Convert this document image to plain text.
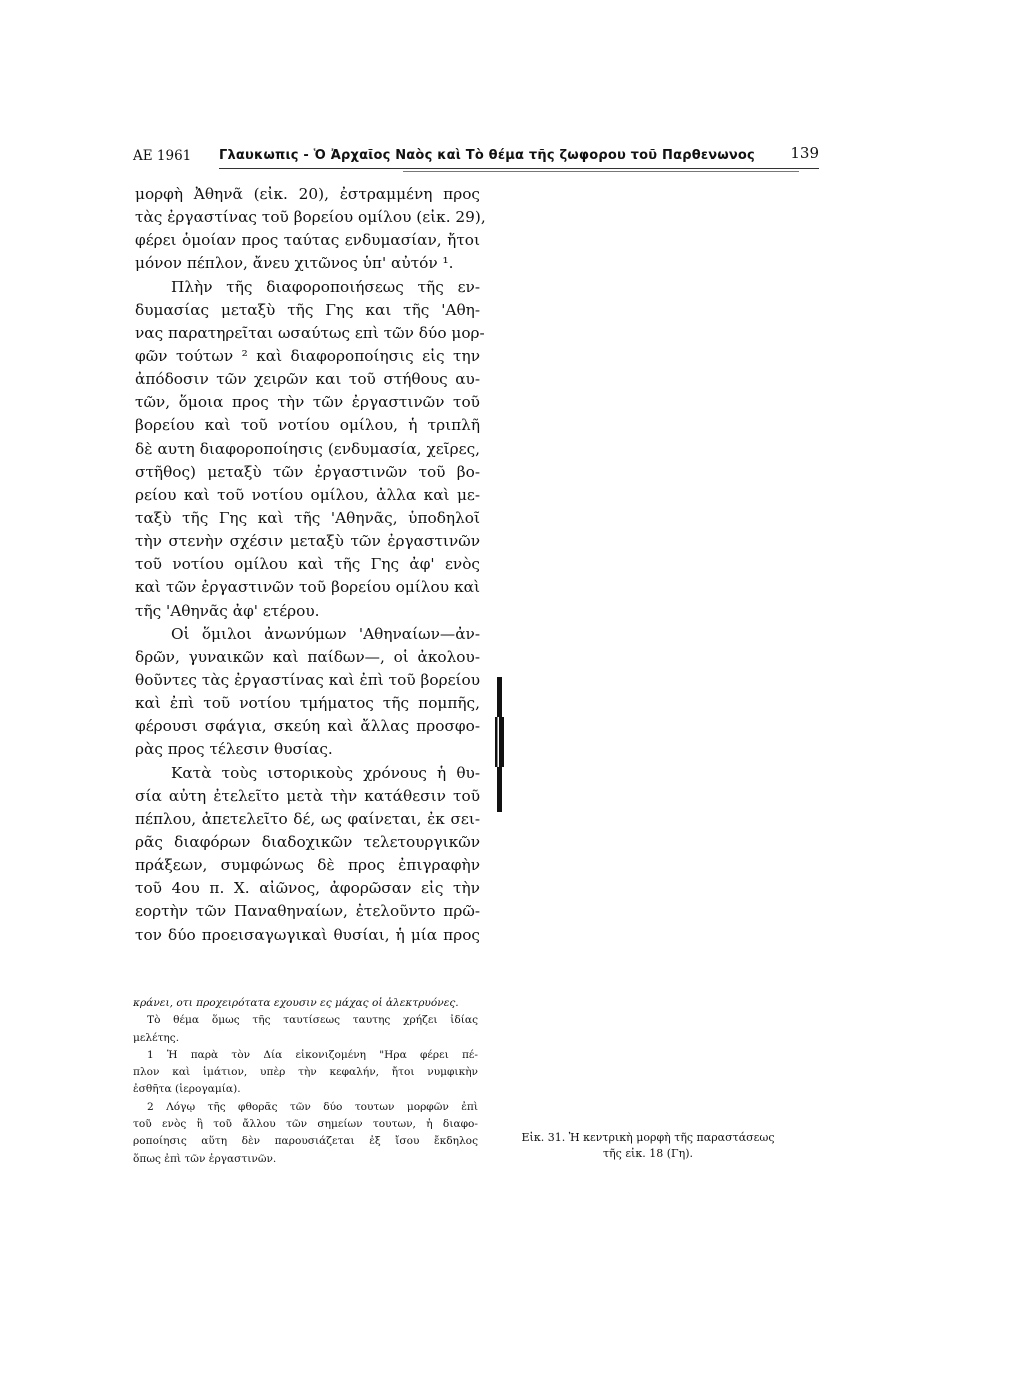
ΑΕ 1961 Γλαυκωπις - Ὁ Ἀρχαῖος Ναὸς καὶ Τὸ θέμα τῆς ζωφορου τοῦ Παρθενωνος 139
μορφὴ Ἀθηνᾶ (εἰκ. 20), ἐστραμμένη προς
τὰς ἐργαστίνας τοῦ βορείου ομίλου (εἰκ. 29),
φέρει ὁμοίαν προς ταύτας ενδυμασίαν, ἤτοι
μόνον πέπλον, ἄνευ χιτῶνος ὑπ' αὐτόν ¹.
Πλὴν τῆς διαφοροποιήσεως τῆς εν-
δυμασίας μεταξὺ τῆς Γης και τῆς 'Αθη-
νας παρατηρεῖται ωσαύτως επὶ τῶν δύο μορ-
φῶν τούτων ² καὶ διαφοροποίησις εἰς την
ἀπόδοσιν τῶν χειρῶν και τοῦ στήθους αυ-
τῶν, ὅμοια προς τὴν τῶν ἐργαστινῶν τοῦ
βορείου καὶ τοῦ νοτίου ομίλου, ἡ τριπλῆ
δὲ αυτη διαφοροποίησις (ενδυμασία, χεῖρες,
στῆθος) μεταξὺ τῶν ἐργαστινῶν τοῦ βο-
ρείου καὶ τοῦ νοτίου ομίλου, ἀλλα καὶ με-
ταξὺ τῆς Γης καὶ τῆς 'Αθηνᾶς, ὑποδηλοῖ
τὴν στενὴν σχέσιν μεταξὺ τῶν ἐργαστινῶν
τοῦ νοτίου ομίλου καὶ τῆς Γης ἀφ' ενὸς
καὶ τῶν ἐργαστινῶν τοῦ βορείου ομίλου καὶ
τῆς 'Αθηνᾶς ἀφ' ετέρου.
Οἱ ὅμιλοι ἀνωνύμων 'Αθηναίων—ἀν-
δρῶν, γυναικῶν καὶ παίδων—, οἱ ἀκολου-
θοῦντες τὰς ἐργαστίνας καὶ ἐπὶ τοῦ βορείου
καὶ ἐπὶ τοῦ νοτίου τμήματος τῆς πομπῆς,
φέρουσι σφάγια, σκεύη καὶ ἄλλας προσφο-
ρὰς προς τέλεσιν θυσίας.
Κατὰ τοὺς ιστορικοὺς χρόνους ἡ θυ-
σία αὐτη ἐτελεῖτο μετὰ τὴν κατάθεσιν τοῦ
πέπλου, ἀπετελεῖτο δέ, ως φαίνεται, ἐκ σει-
ρᾶς διαφόρων διαδοχικῶν τελετουργικῶν
πράξεων, συμφώνως δὲ προς ἐπιγραφὴν
τοῦ 4ου π. Χ. αἰῶνος, ἀφορῶσαν εἰς τὴν
εορτὴν τῶν Παναθηναίων, ἐτελοῦντο πρῶ-
τον δύο προεισαγωγικαὶ θυσίαι, ἡ μία προς
κράνει, οτι προχειρότατα εχουσιν ες μάχας οἱ ἀλεκτρυόνες.
Τὸ θέμα ὅμως τῆς ταυτίσεως ταυτης χρήζει ἰδίας
μελέτης.
1 Ἡ παρὰ τὸν Δία εἰκονιζομένη "Ηρα φέρει πέ-
πλον καὶ ἱμάτιον, υπὲρ τὴν κεφαλήν, ἤτοι νυμφικὴν
ἐσθῆτα (ἱερογαμία).
2 Λόγῳ τῆς φθορᾶς τῶν δύο τουτων μορφῶν ἐπὶ
τοῦ ενὸς ἢ τοῦ ἄλλου τῶν σημείων τουτων, ἡ διαφο-
ροποίησις αὕτη δὲν παρουσιάζεται ἐξ ἴσου ἔκδηλος
ὅπως ἐπὶ τῶν ἐργαστινῶν.
Εἰκ. 31. Ἡ κεντρικὴ μορφὴ τῆς παραστάσεως
τῆς εἰκ. 18 (Γη).
